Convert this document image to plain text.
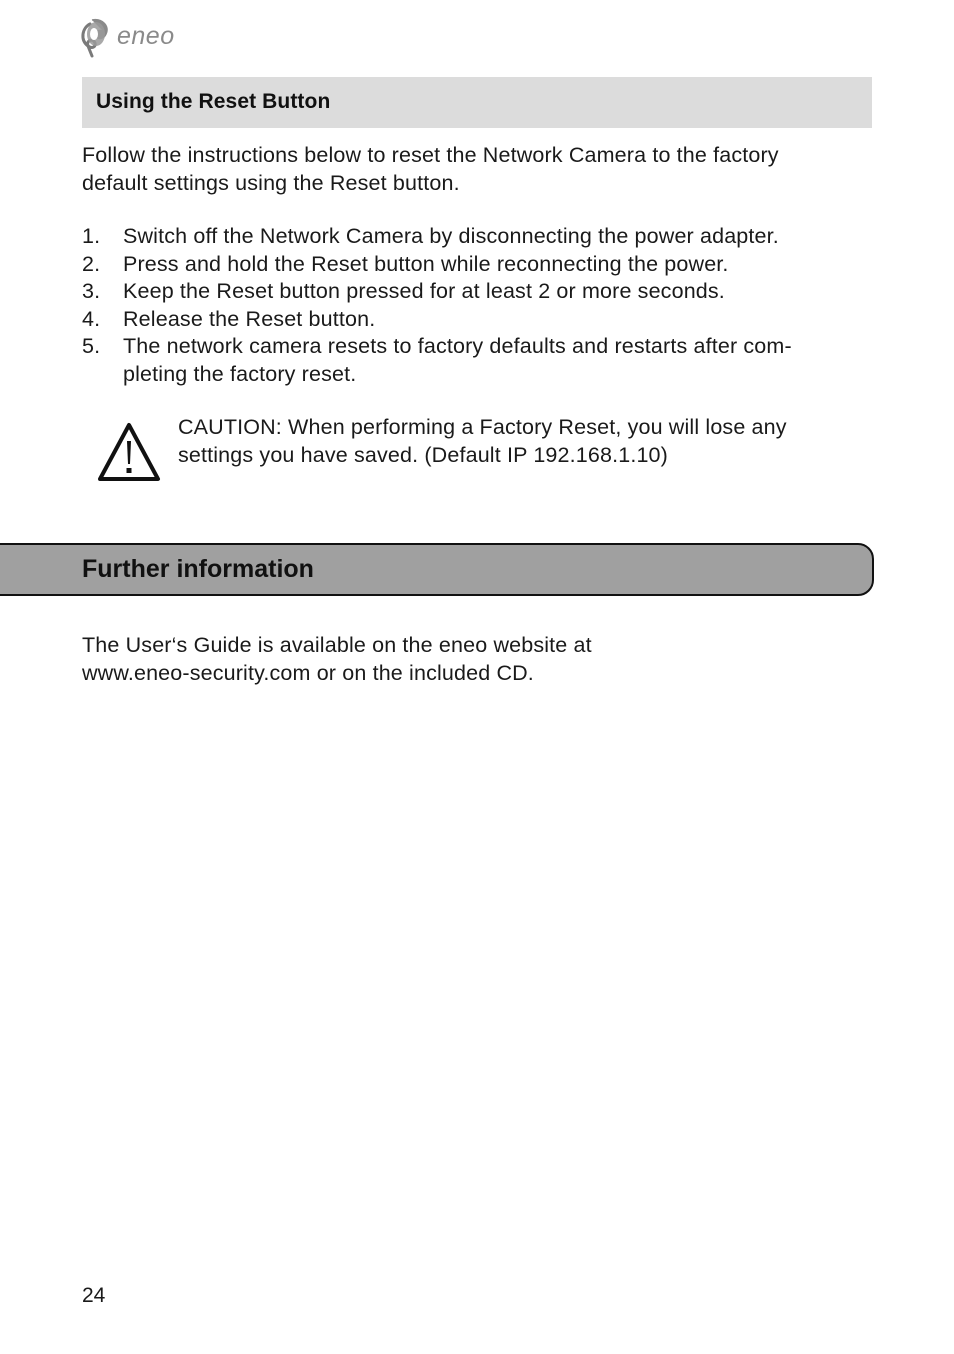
eneo
Using the Reset Button

Follow the instructions below to reset the Network Camera to the factory
default settings using the Reset button.

1.	Switch off the Network Camera by disconnecting the power adapter.
2.	Press and hold the Reset button while reconnecting the power.
3.	Keep the Reset button pressed for at least 2 or more seconds.
4.	Release the Reset button.
5.	The network camera resets to factory defaults and restarts after com-
pleting the factory reset.

CAUTION: When performing a Factory Reset, you will lose any
settings you have saved. (Default IP 192.168.1.10)

Further information

The User‘s Guide is available on the eneo website at
www.eneo-security.com or on the included CD.

24
